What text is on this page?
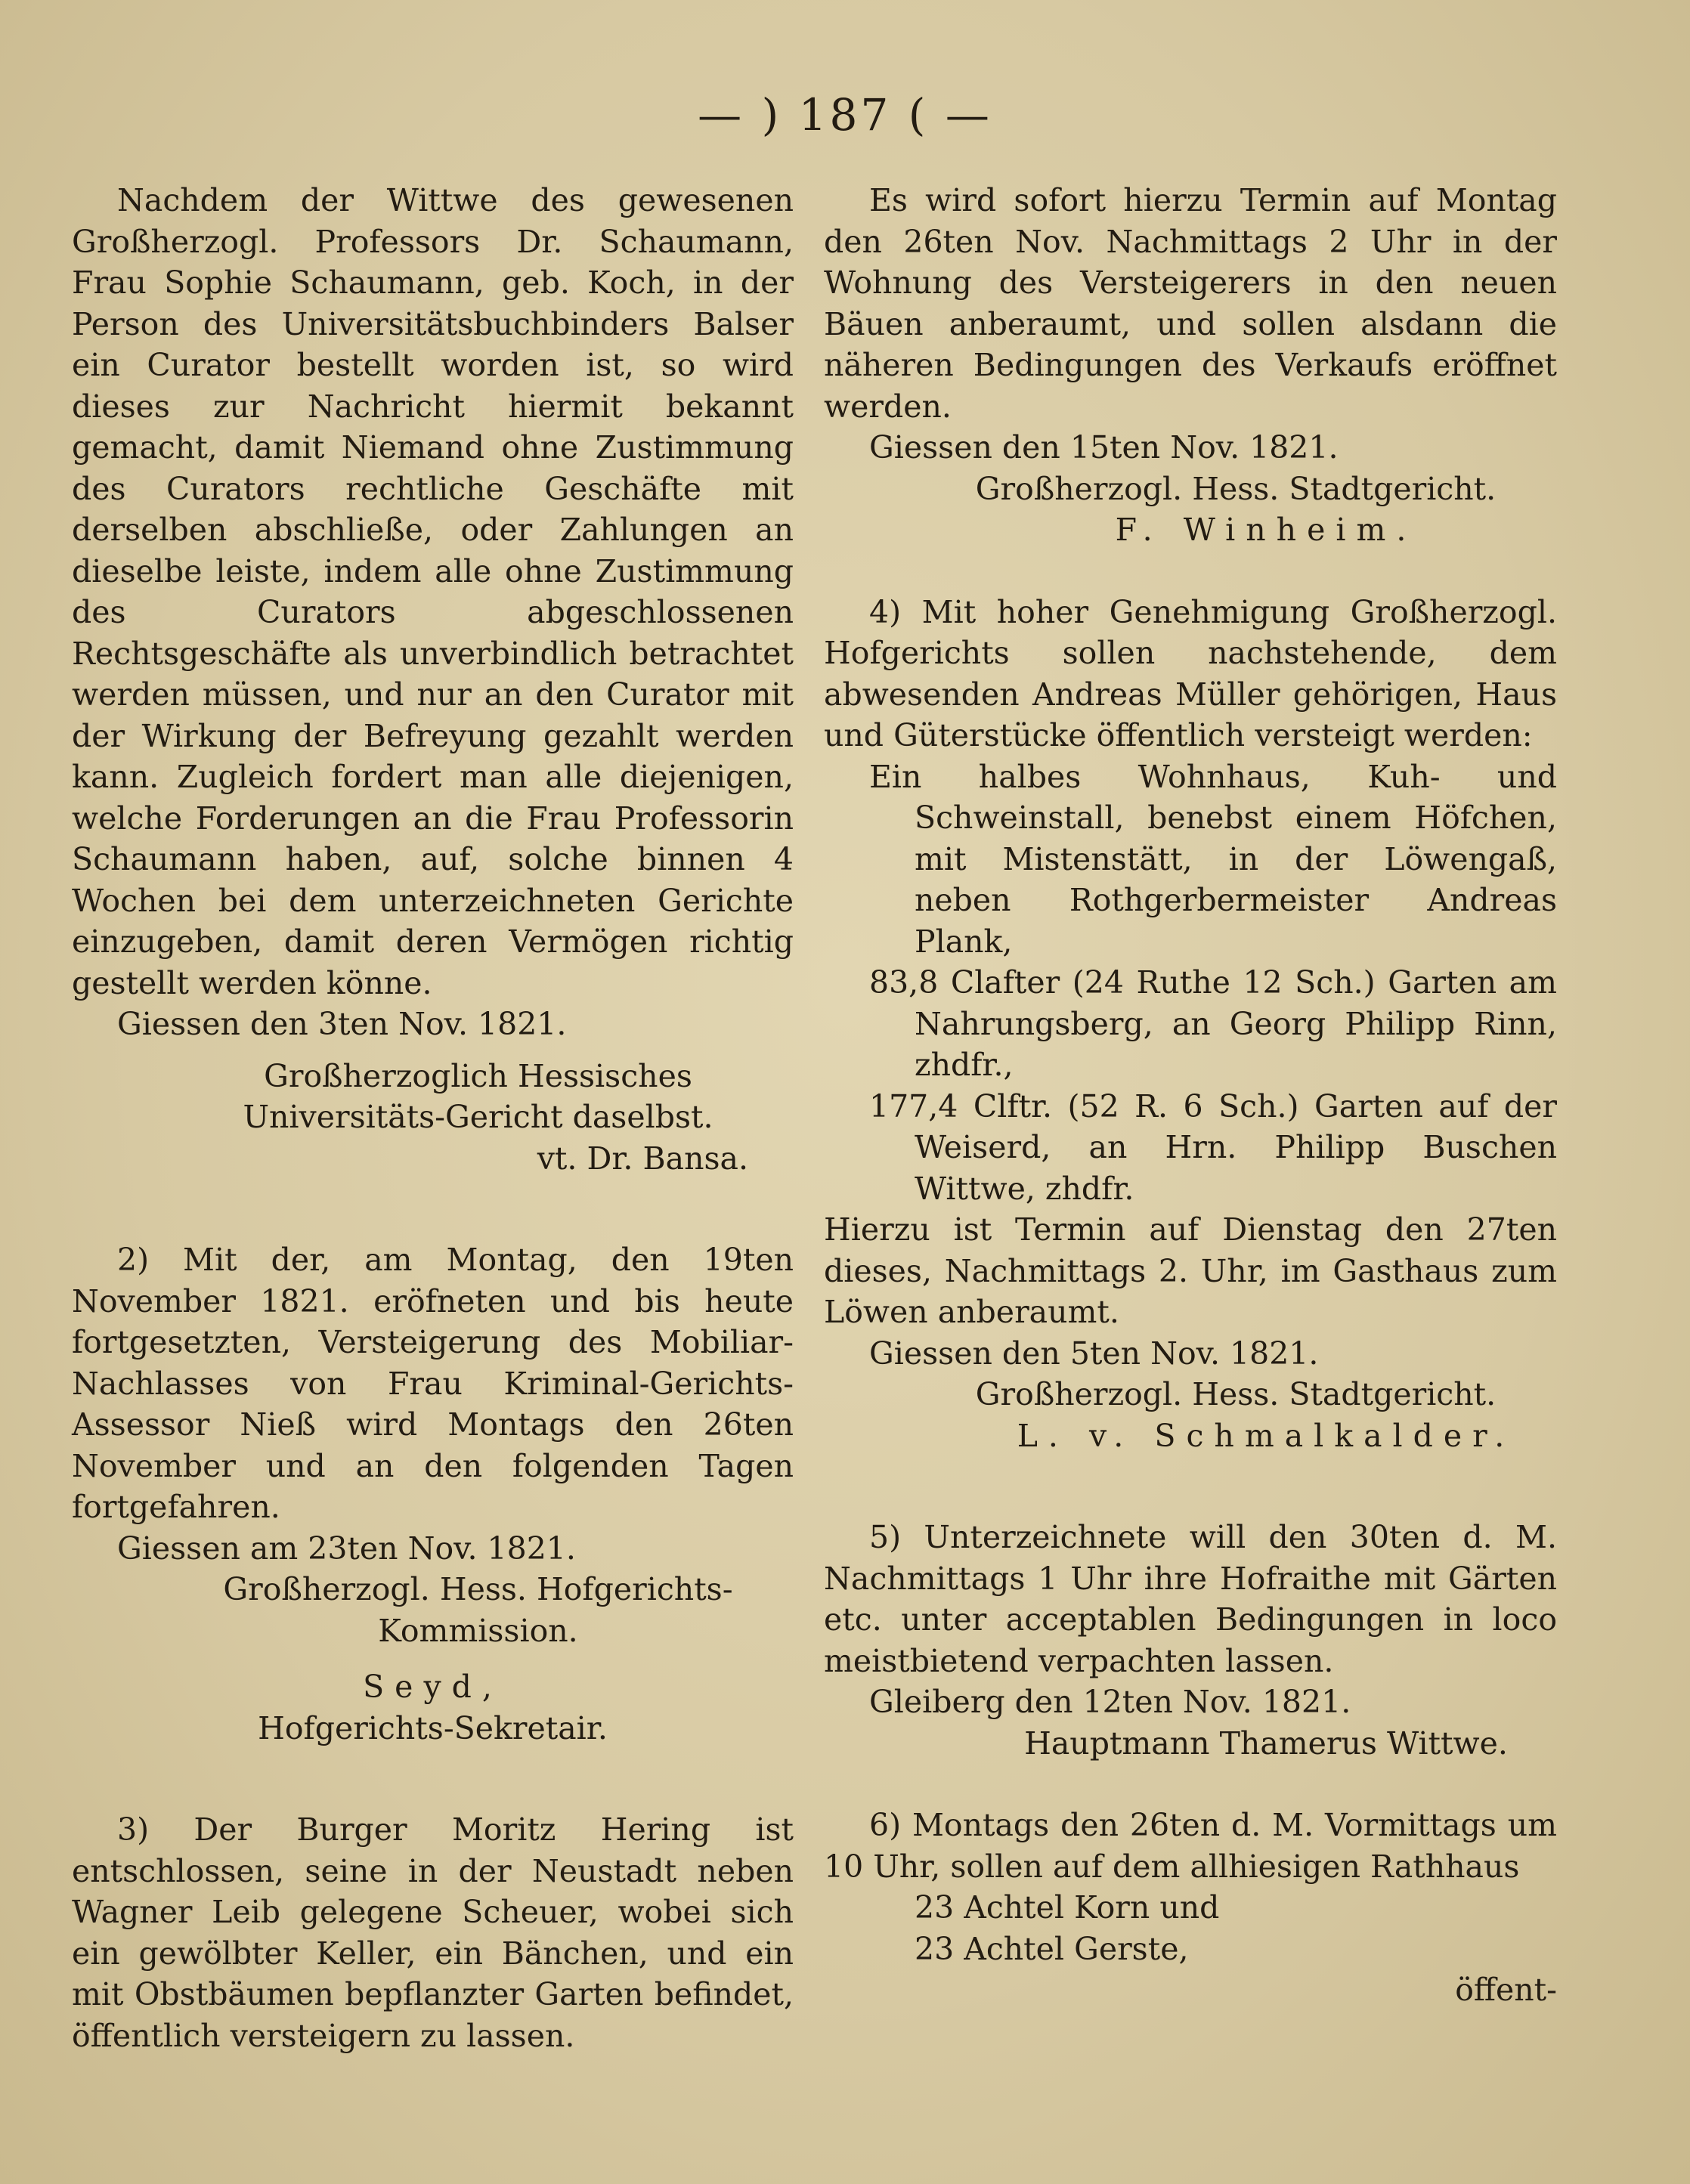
— ) 187 ( —

Nachdem der Wittwe des gewesenen Großherzogl. Professors Dr. Schaumann, Frau Sophie Schaumann, geb. Koch, in der Person des Universitätsbuchbinders Balser ein Curator bestellt worden ist, so wird dieses zur Nachricht hiermit bekannt gemacht, damit Niemand ohne Zustimmung des Curators rechtliche Geschäfte mit derselben abschließe, oder Zahlungen an dieselbe leiste, indem alle ohne Zustimmung des Curators abgeschlossenen Rechtsgeschäfte als unverbindlich betrachtet werden müssen, und nur an den Curator mit der Wirkung der Befreyung gezahlt werden kann. Zugleich fordert man alle diejenigen, welche Forderungen an die Frau Professorin Schaumann haben, auf, solche binnen 4 Wochen bei dem unterzeichneten Gerichte einzugeben, damit deren Vermögen richtig gestellt werden könne.

Giessen den 3ten Nov. 1821.

Großherzoglich Hessisches Universitäts-Gericht daselbst.

vt. Dr. Bansa.

2) Mit der, am Montag, den 19ten November 1821. eröfneten und bis heute fortgesetzten, Versteigerung des Mobiliar-Nachlasses von Frau Kriminal-Gerichts-Assessor Nieß wird Montags den 26ten November und an den folgenden Tagen fortgefahren.

Giessen am 23ten Nov. 1821.

Großherzogl. Hess. Hofgerichts-Kommission.

Seyd,

Hofgerichts-Sekretair.

3) Der Burger Moritz Hering ist entschlossen, seine in der Neustadt neben Wagner Leib gelegene Scheuer, wobei sich ein gewölbter Keller, ein Bänchen, und ein mit Obstbäumen bepflanzter Garten befindet, öffentlich versteigern zu lassen.

Es wird sofort hierzu Termin auf Montag den 26ten Nov. Nachmittags 2 Uhr in der Wohnung des Versteigerers in den neuen Bäuen anberaumt, und sollen alsdann die näheren Bedingungen des Verkaufs eröffnet werden.

Giessen den 15ten Nov. 1821.

Großherzogl. Hess. Stadtgericht.

F. Winheim.

4) Mit hoher Genehmigung Großherzogl. Hofgerichts sollen nachstehende, dem abwesenden Andreas Müller gehörigen, Haus und Güterstücke öffentlich versteigt werden:

Ein halbes Wohnhaus, Kuh- und Schweinstall, benebst einem Höfchen, mit Mistenstätt, in der Löwengaß, neben Rothgerbermeister Andreas Plank,

83,8 Clafter (24 Ruthe 12 Sch.) Garten am Nahrungsberg, an Georg Philipp Rinn, zhdfr.,

177,4 Clftr. (52 R. 6 Sch.) Garten auf der Weiserd, an Hrn. Philipp Buschen Wittwe, zhdfr.

Hierzu ist Termin auf Dienstag den 27ten dieses, Nachmittags 2. Uhr, im Gasthaus zum Löwen anberaumt.

Giessen den 5ten Nov. 1821.

Großherzogl. Hess. Stadtgericht.

L. v. Schmalkalder.

5) Unterzeichnete will den 30ten d. M. Nachmittags 1 Uhr ihre Hofraithe mit Gärten etc. unter acceptablen Bedingungen in loco meistbietend verpachten lassen.

Gleiberg den 12ten Nov. 1821.

Hauptmann Thamerus Wittwe.

6) Montags den 26ten d. M. Vormittags um 10 Uhr, sollen auf dem allhiesigen Rathhaus

23 Achtel Korn und

23 Achtel Gerste,

öffent-
